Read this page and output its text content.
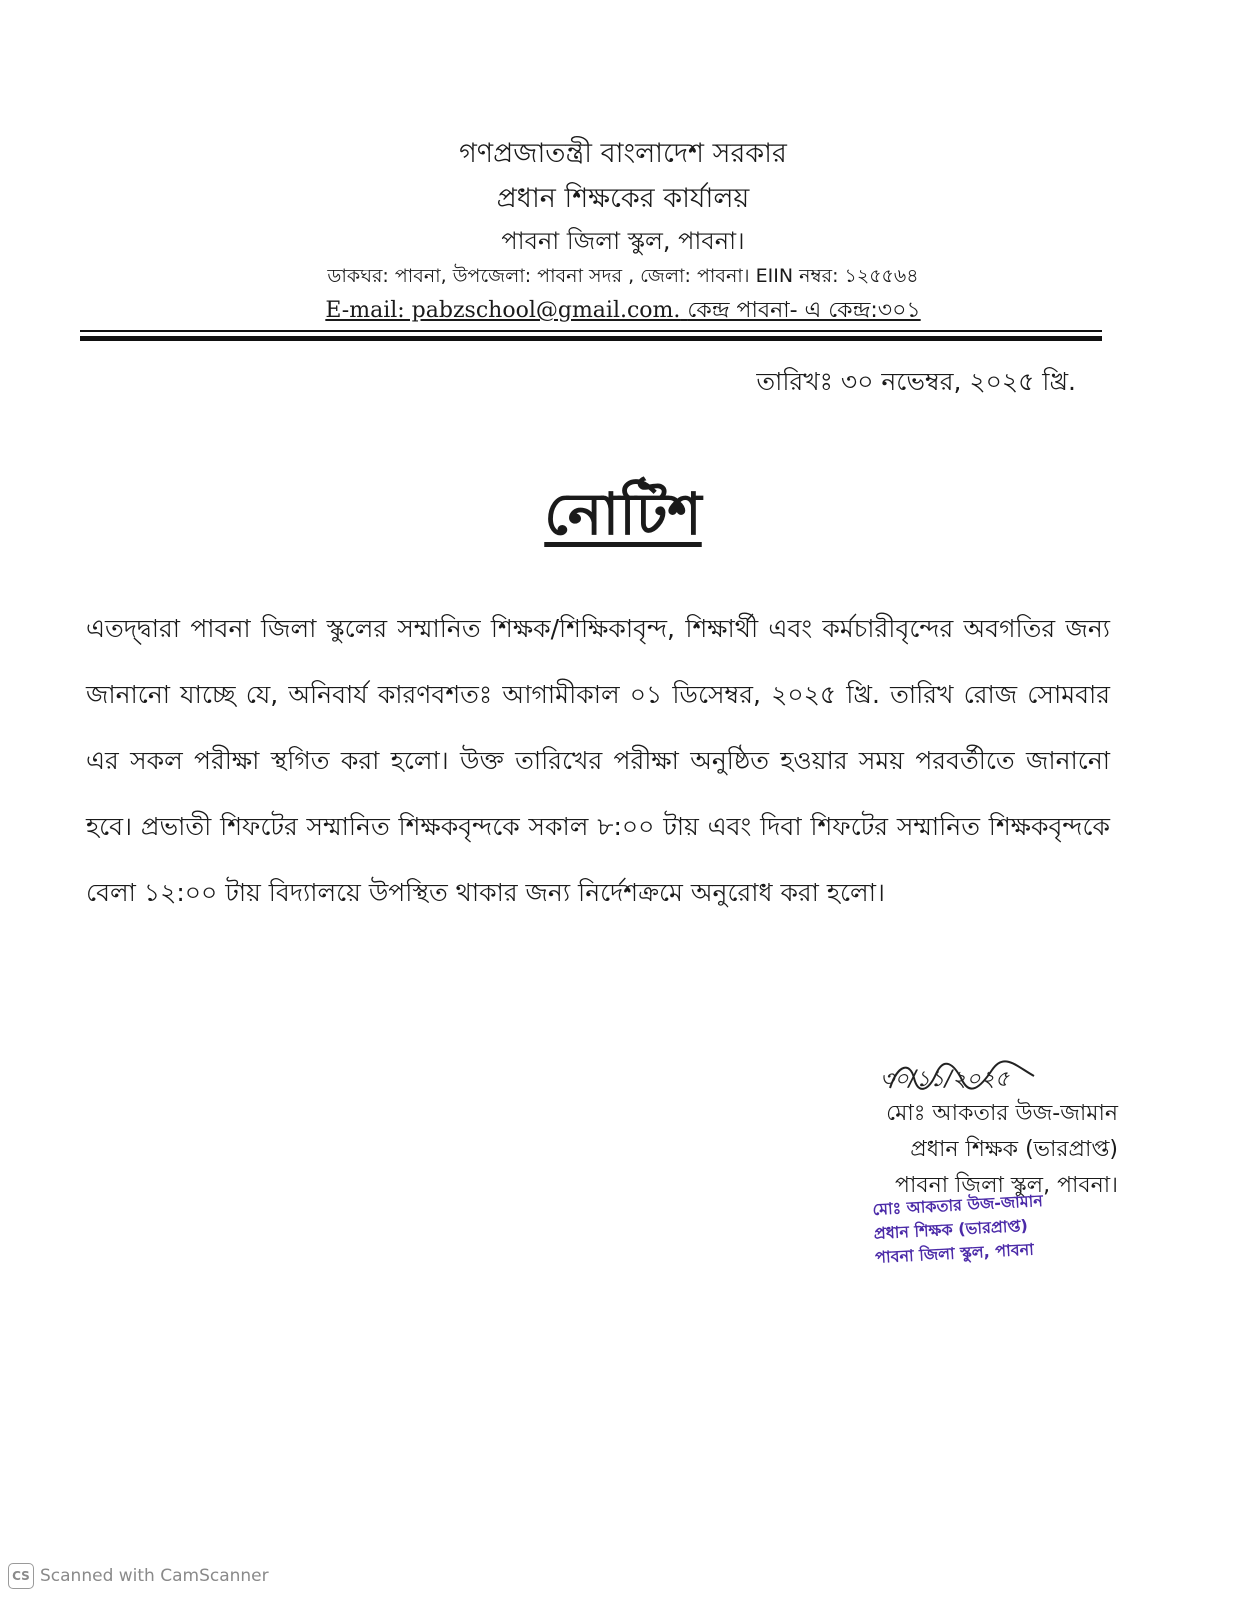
গণপ্রজাতন্ত্রী বাংলাদেশ সরকার
প্রধান শিক্ষকের কার্যালয়
পাবনা জিলা স্কুল, পাবনা।
ডাকঘর: পাবনা, উপজেলা: পাবনা সদর , জেলা: পাবনা। EIIN নম্বর: ১২৫৫৬৪
E-mail: pabzschool@gmail.com. কেন্দ্র পাবনা- এ কেন্দ্র:৩০১
তারিখঃ ৩০ নভেম্বর, ২০২৫ খ্রি.
নোটিশ
এতদ্দ্বারা পাবনা জিলা স্কুলের সম্মানিত শিক্ষক/শিক্ষিকাবৃন্দ, শিক্ষার্থী এবং কর্মচারীবৃন্দের অবগতির জন্য জানানো যাচ্ছে যে, অনিবার্য কারণবশতঃ আগামীকাল ০১ ডিসেম্বর, ২০২৫ খ্রি. তারিখ রোজ সোমবার এর সকল পরীক্ষা স্থগিত করা হলো। উক্ত তারিখের পরীক্ষা অনুষ্ঠিত হওয়ার সময় পরবর্তীতে জানানো হবে। প্রভাতী শিফটের সম্মানিত শিক্ষকবৃন্দকে সকাল ৮:০০ টায় এবং দিবা শিফটের সম্মানিত শিক্ষকবৃন্দকে বেলা ১২:০০ টায় বিদ্যালয়ে উপস্থিত থাকার জন্য নির্দেশক্রমে অনুরোধ করা হলো।
৩০/১১/২০২৫
মোঃ আকতার উজ-জামান
প্রধান শিক্ষক (ভারপ্রাপ্ত)
পাবনা জিলা স্কুল, পাবনা।
মোঃ আকতার উজ-জামান
প্রধান শিক্ষক (ভারপ্রাপ্ত)
পাবনা জিলা স্কুল, পাবনা
CS Scanned with CamScanner
